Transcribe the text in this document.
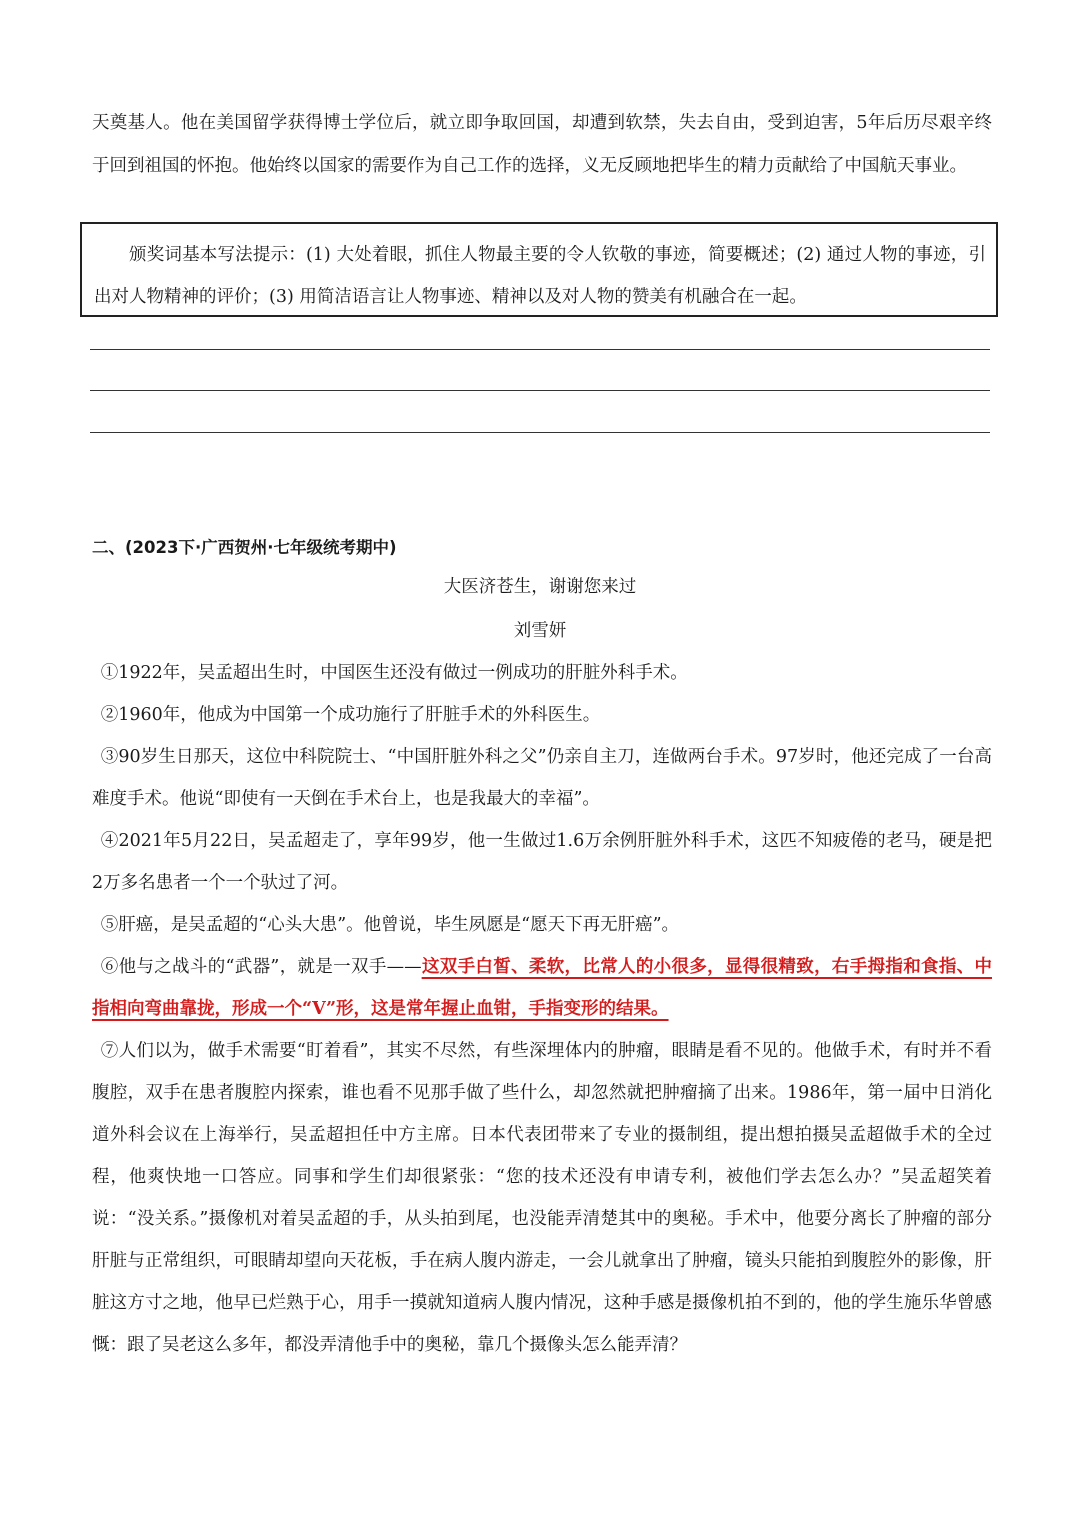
天奠基人。他在美国留学获得博士学位后，就立即争取回国，却遭到软禁，失去自由，受到迫害，5年后历尽艰辛终于回到祖国的怀抱。他始终以国家的需要作为自己工作的选择，义无反顾地把毕生的精力贡献给了中国航天事业。
颁奖词基本写法提示：(1) 大处着眼，抓住人物最主要的令人钦敬的事迹，简要概述；(2) 通过人物的事迹，引出对人物精神的评价；(3) 用简洁语言让人物事迹、精神以及对人物的赞美有机融合在一起。
二、(2023下·广西贺州·七年级统考期中)
大医济苍生，谢谢您来过
刘雪妍

①1922年，吴孟超出生时，中国医生还没有做过一例成功的肝脏外科手术。

②1960年，他成为中国第一个成功施行了肝脏手术的外科医生。

③90岁生日那天，这位中科院院士、“中国肝脏外科之父”仍亲自主刀，连做两台手术。97岁时，他还完成了一台高难度手术。他说“即使有一天倒在手术台上，也是我最大的幸福”。

④2021年5月22日，吴孟超走了，享年99岁，他一生做过1.6万余例肝脏外科手术，这匹不知疲倦的老马，硬是把2万多名患者一个一个驮过了河。

⑤肝癌，是吴孟超的“心头大患”。他曾说，毕生夙愿是“愿天下再无肝癌”。

⑥他与之战斗的“武器”，就是一双手——这双手白皙、柔软，比常人的小很多，显得很精致，右手拇指和食指、中指相向弯曲靠拢，形成一个“V”形，这是常年握止血钳，手指变形的结果。

⑦人们以为，做手术需要“盯着看”，其实不尽然，有些深埋体内的肿瘤，眼睛是看不见的。他做手术，有时并不看腹腔，双手在患者腹腔内探索，谁也看不见那手做了些什么，却忽然就把肿瘤摘了出来。1986年，第一届中日消化道外科会议在上海举行，吴孟超担任中方主席。日本代表团带来了专业的摄制组，提出想拍摄吴孟超做手术的全过程，他爽快地一口答应。同事和学生们却很紧张：“您的技术还没有申请专利，被他们学去怎么办？”吴孟超笑着说：“没关系。”摄像机对着吴孟超的手，从头拍到尾，也没能弄清楚其中的奥秘。手术中，他要分离长了肿瘤的部分肝脏与正常组织，可眼睛却望向天花板，手在病人腹内游走，一会儿就拿出了肿瘤，镜头只能拍到腹腔外的影像，肝脏这方寸之地，他早已烂熟于心，用手一摸就知道病人腹内情况，这种手感是摄像机拍不到的，他的学生施乐华曾感慨：跟了吴老这么多年，都没弄清他手中的奥秘，靠几个摄像头怎么能弄清？
